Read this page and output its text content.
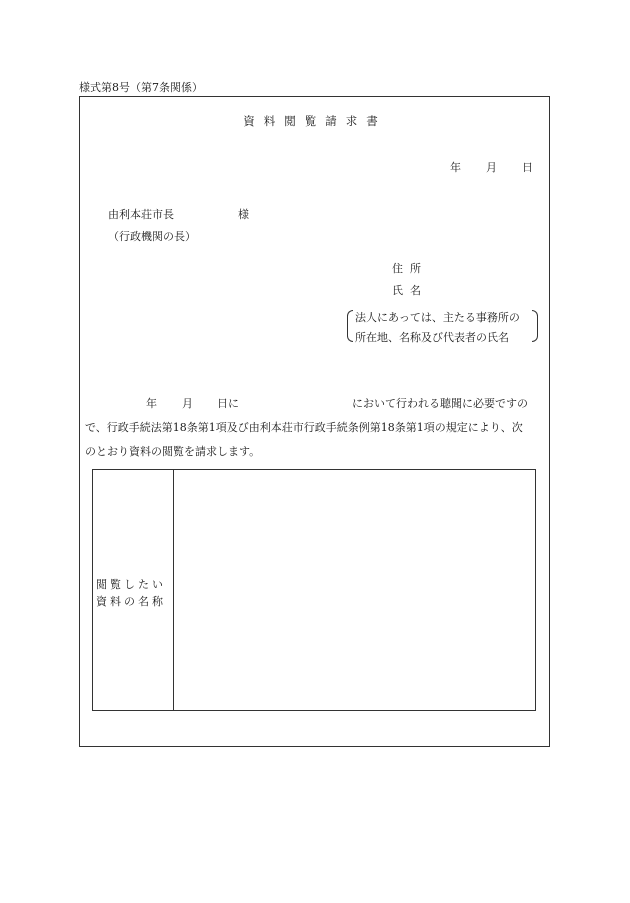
様式第8号（第7条関係）
資料閲覧請求書
年 月 日
由利本荘市長	様
（行政機関の長）
住所
氏名
法人にあっては、主たる事務所の
所在地、名称及び代表者の氏名
年 月 日に	において行われる聴聞に必要ですの
で、行政手続法第18条第1項及び由利本荘市行政手続条例第18条第1項の規定により、次
のとおり資料の閲覧を請求します。
閲覧したい
資料の名称
